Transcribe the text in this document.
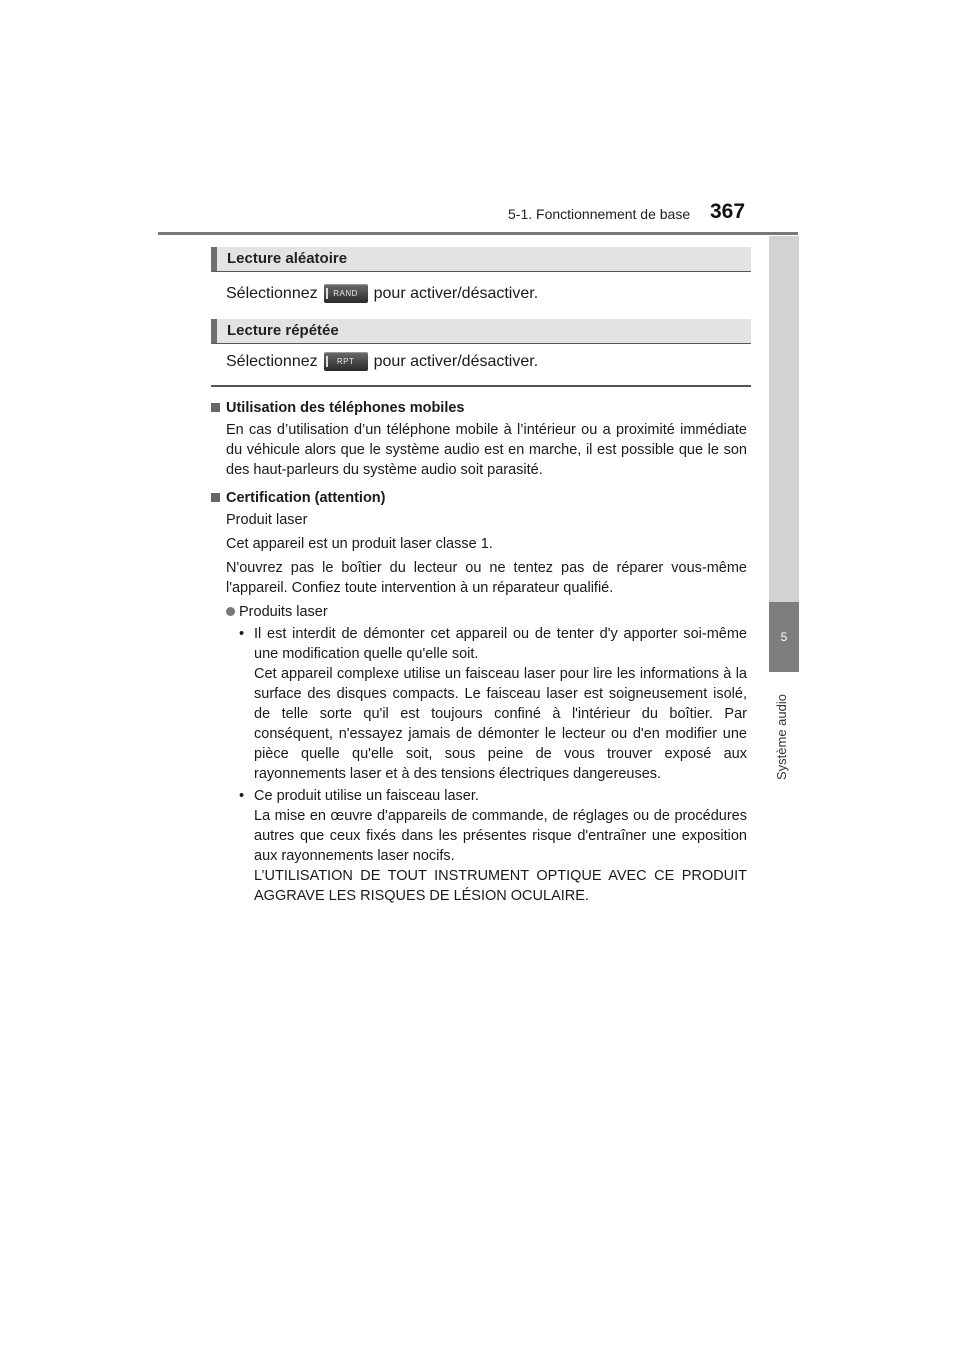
5-1. Fonctionnement de base 367
5
Système audio
Lecture aléatoire
Sélectionnez	RAND pour activer/désactiver.
Lecture répétée
Sélectionnez	RPT	pour activer/désactiver.

Utilisation des téléphones mobiles

En cas d’utilisation d’un téléphone mobile à l’intérieur ou a proximité immédiate du véhicule alors que le système audio est en marche, il est possible que le son des haut-parleurs du système audio soit parasité.

Certification (attention)

Produit laser

Cet appareil est un produit laser classe 1.

N'ouvrez pas le boîtier du lecteur ou ne tentez pas de réparer vous-même l'appareil. Confiez toute intervention à un réparateur qualifié.

Produits laser
• Il est interdit de démonter cet appareil ou de tenter d'y apporter soi-même une modification quelle qu'elle soit.

Cet appareil complexe utilise un faisceau laser pour lire les informations à la surface des disques compacts. Le faisceau laser est soigneusement isolé, de telle sorte qu'il est toujours confiné à l'intérieur du boîtier. Par conséquent, n'essayez jamais de démonter le lecteur ou d'en modifier une pièce quelle qu'elle soit, sous peine de vous trouver exposé aux rayonnements laser et à des tensions électriques dangereuses.

• Ce produit utilise un faisceau laser.

La mise en œuvre d'appareils de commande, de réglages ou de procédures autres que ceux fixés dans les présentes risque d'entraîner une exposition aux rayonnements laser nocifs.

L’UTILISATION DE TOUT INSTRUMENT OPTIQUE AVEC CE PRODUIT AGGRAVE LES RISQUES DE LÉSION OCULAIRE.
